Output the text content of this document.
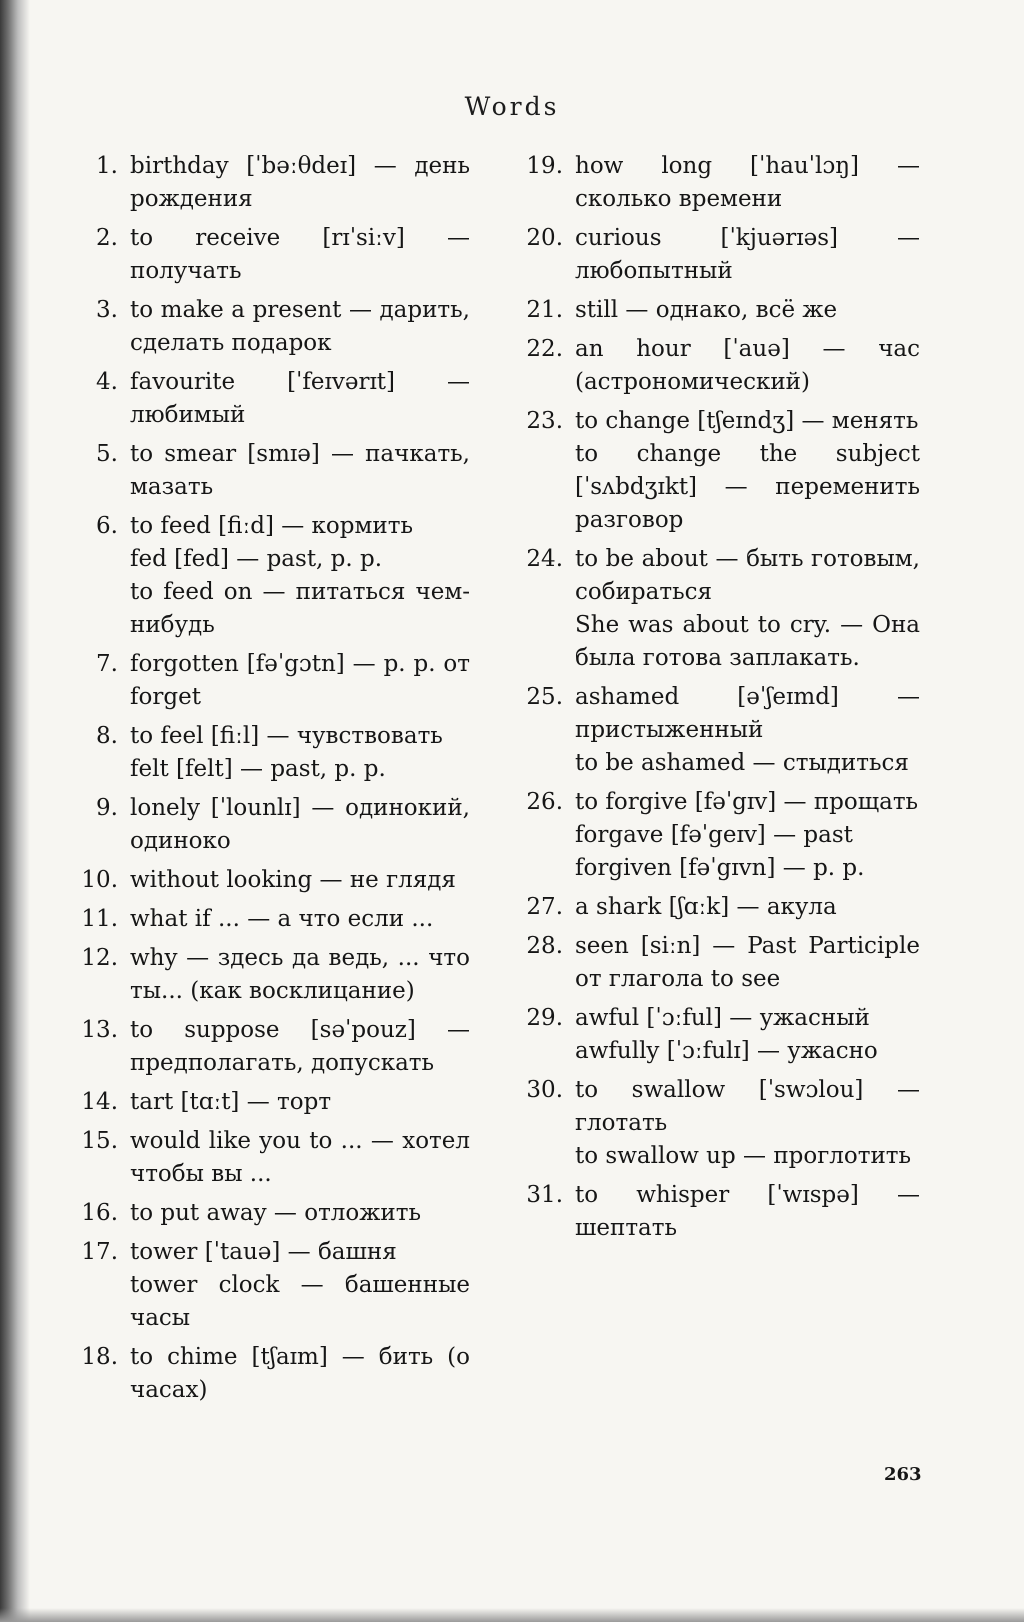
Words
1. birthday [ˈbəːθdeɪ] — день рождения
2. to receive [rɪˈsiːv] — получать
3. to make a present — дарить, сделать подарок
4. favourite [ˈfeɪvərɪt] — любимый
5. to smear [smɪə] — пачкать, мазать
6. to feed [fiːd] — кормить
fed [fed] — past, p. p.
to feed on — питаться чем-нибудь
7. forgotten [fəˈgɔtn] — p. p. от forget
8. to feel [fiːl] — чувствовать
felt [felt] — past, p. p.
9. lonely [ˈlounlɪ] — одинокий, одиноко
10. without looking — не глядя
11. what if ... — а что если ...
12. why — здесь да ведь, ... что ты... (как восклицание)
13. to suppose [səˈpouz] — предполагать, допускать
14. tart [tɑːt] — торт
15. would like you to ... — хотел чтобы вы ...
16. to put away — отложить
17. tower [ˈtauə] — башня
tower clock — башенные часы
18. to chime [tʃaɪm] — бить (о часах)
19. how long [ˈhauˈlɔŋ] — сколько времени
20. curious [ˈkjuərɪəs] — любопытный
21. still — однако, всё же
22. an hour [ˈauə] — час (астрономический)
23. to change [tʃeɪndʒ] — менять
to change the subject [ˈsʌbdʒɪkt] — переменить разговор
24. to be about — быть готовым, собираться
She was about to cry. — Она была готова заплакать.
25. ashamed [əˈʃeɪmd] — пристыженный
to be ashamed — стыдиться
26. to forgive [fəˈgɪv] — прощать
forgave [fəˈgeɪv] — past
forgiven [fəˈgɪvn] — p. p.
27. a shark [ʃɑːk] — акула
28. seen [siːn] — Past Participle от глагола to see
29. awful [ˈɔːful] — ужасный
awfully [ˈɔːfulɪ] — ужасно
30. to swallow [ˈswɔlou] — глотать
to swallow up — проглотить
31. to whisper [ˈwɪspə] — шептать
263
